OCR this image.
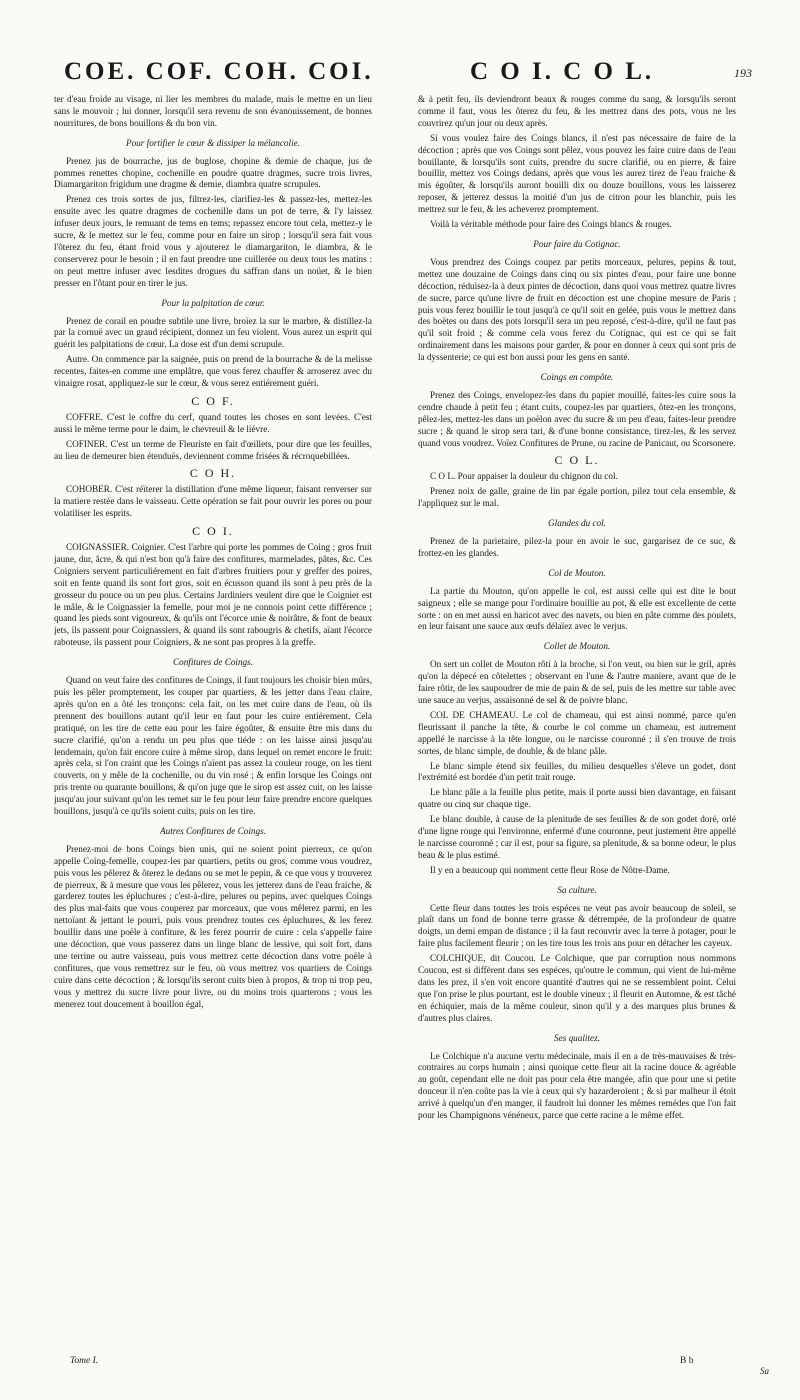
COE. COF. COH. COI.	C O I. C O L.	193

ter d'eau froide au visage, ni lier les membres du malade, mais le mettre en un lieu sans le mouvoir ; lui donner, lorsqu'il sera revenu de son évanouissement, de bonnes nourritures, de bons bouillons & du bon vin.

Pour fortifier le cœur & dissiper la mélancolie.

Prenez jus de bourrache, jus de buglose, chopine & demie de chaque, jus de pommes renettes chopine, cochenille en poudre quatre dragmes, sucre trois livres, Diamargariton frigidum une dragme & demie, diambra quatre scrupules.

Prenez ces trois sortes de jus, filtrez-les, clarifiez-les & passez-les, mettez-les ensuite avec les quatre dragmes de cochenille dans un pot de terre, & l'y laissez infuser deux jours, le remuant de tems en tems; repassez encore tout cela, mettez-y le sucre, & le mettez sur le feu, comme pour en faire un sirop ; lorsqu'il sera fait vous l'ôterez du feu, étant froid vous y ajouterez le diamargariton, le diambra, & le conserverez pour le besoin ; il en faut prendre une cuillerée ou deux tous les matins : on peut mettre infuser avec lesdites drogues du saffran dans un noüet, & le bien presser en l'ôtant pour en tirer le jus.

Pour la palpitation de cœur.

Prenez de corail en poudre subtile une livre, broïez la sur le marbre, & distillez-la par la cornuë avec un grand récipient, donnez un feu violent. Vous aurez un esprit qui guérit les palpitations de cœur. La dose est d'un demi scrupule.

Autre. On commence par la saignée, puis on prend de la bourrache & de la melisse recentes, faites-en comme une emplâtre, que vous ferez chauffer & arroserez avec du vinaigre rosat, appliquez-le sur le cœur, & vous serez entiérement guéri.

C O F.

COFFRE. C'est le coffre du cerf, quand toutes les choses en sont levées. C'est aussi le même terme pour le daim, le chevreuil & le liévre.

COFINER. C'est un terme de Fleuriste en fait d'œillets, pour dire que les feuilles, au lieu de demeurer bien étenduës, deviennent comme frisées & récroquebillées.

C O H.

COHOBER. C'est réïterer la distillation d'une même liqueur, faisant renverser sur la matiere restée dans le vaisseau. Cette opération se fait pour ouvrir les pores ou pour volatiliser les esprits.

C O I.

COIGNASSIER. Coignier. C'est l'arbre qui porte les pommes de Coing ; gros fruit jaune, dur, âcre, & qui n'est bon qu'à faire des confitures, marmelades, pâtes, &c. Ces Coigniers servent particuliérement en fait d'arbres fruitiers pour y greffer des poires, soit en fente quand ils sont fort gros, soit en écusson quand ils sont à peu près de la grosseur du pouce ou un peu plus. Certains Jardiniers veulent dire que le Coignier est le mâle, & le Coignassier la femelle, pour moi je ne connois point cette différence ; quand les pieds sont vigoureux, & qu'ils ont l'écorce unie & noirâtre, & font de beaux jets, ils passent pour Coignassiers, & quand ils sont rabougris & chetifs, aïant l'écorce raboteuse, ils passent pour Coigniers, & ne sont pas propres à la greffe.

Confitures de Coings.

Quand on veut faire des confitures de Coings, il faut toujours les choisir bien mûrs, puis les pêler promptement, les couper par quartiers, & les jetter dans l'eau claire, après qu'on en a ôté les tronçons: cela fait, on les met cuire dans de l'eau, où ils prennent des bouillons autant qu'il leur en faut pour les cuire entiérement. Cela pratiqué, on les tire de cette eau pour les faire égoûter, & ensuite être mis dans du sucre clarifié, qu'on a rendu un peu plus que tiéde : on les laisse ainsi jusqu'au lendemain, qu'on fait encore cuire à même sirop, dans lequel on remet encore le fruit: après cela, si l'on craint que les Coings n'aïent pas assez la couleur rouge, on les tient couverts, on y mêle de la cochenille, ou du vin rosé ; & enfin lorsque les Coings ont pris trente ou quarante bouillons, & qu'on juge que le sirop est assez cuit, on les laisse jusqu'au jour suivant qu'on les remet sur le feu pour leur faire prendre encore quelques bouillons, jusqu'à ce qu'ils soient cuits, puis on les tire.

Autres Confitures de Coings.

Prenez-moi de bons Coings bien unis, qui ne soient point pierreux, ce qu'on appelle Coing-femelle, coupez-les par quartiers, petits ou gros, comme vous voudrez, puis vous les pêlerez & ôterez le dedans ou se met le pepin, & ce que vous y trouverez de pierreux, & à mesure que vous les pêlerez, vous les jetterez dans de l'eau fraiche, & garderez toutes les épluchures ; c'est-à-dire, pelures ou pepins, avec quelques Coings des plus mal-faits que vous couperez par morceaux, que vous mêlerez parmi, en les nettoïant & jettant le pourri, puis vous prendrez toutes ces épluchures, & les ferez bouillir dans une poële à confiture, & les ferez pourrir de cuire : cela s'appelle faire une décoction, que vous passerez dans un linge blanc de lessive, qui soit fort, dans une terrine ou autre vaisseau, puis vous mettrez cette décoction dans votre poële à confitures, que vous remettrez sur le feu, où vous mettrez vos quartiers de Coings cuire dans cette décoction ; & lorsqu'ils seront cuits bien à propos, & trop ni trop peu, vous y mettrez du sucre livre pour livre, ou du moins trois quarterons ; vous les menerez tout doucement à bouillon égal,

& à petit feu, ils deviendront beaux & rouges comme du sang, & lorsqu'ils seront comme il faut, vous les ôterez du feu, & les mettrez dans des pots, vous ne les couvrirez qu'un jour ou deux après.

Si vous voulez faire des Coings blancs, il n'est pas nécessaire de faire de la décoction ; après que vos Coings sont pêlez, vous pouvez les faire cuire dans de l'eau bouillante, & lorsqu'ils sont cuits, prendre du sucre clarifié, ou en pierre, & faire bouillir, mettez vos Coings dedans, après que vous les aurez tirez de l'eau fraiche & mis égoûter, & lorsqu'ils auront bouilli dix ou douze bouillons, vous les laisserez reposer, & jetterez dessus la moitié d'un jus de citron pour les blanchir, puis les mettrez sur le feu, & les acheverez promptement.

Voilà la véritable méthode pour faire des Coings blancs & rouges.

Pour faire du Cotignac.

Vous prendrez des Coings coupez par petits morceaux, pelures, pepins & tout, mettez une douzaine de Coings dans cinq ou six pintes d'eau, pour faire une bonne décoction, réduisez-la à deux pintes de décoction, dans quoi vous mettrez quatre livres de sucre, parce qu'une livre de fruit en décoction est une chopine mesure de Paris ; puis vous ferez bouillir le tout jusqu'à ce qu'il soit en gelée, puis vous le mettrez dans des boëtes ou dans des pots lorsqu'il sera un peu reposé, c'est-à-dire, qu'il ne faut pas qu'il soit froid ; & comme cela vous ferez du Cotignac, qui est ce qui se fait ordinairement dans les maisons pour garder, & pour en donner à ceux qui sont pris de la dyssenterie; ce qui est bon aussi pour les gens en santé.

Coings en compôte.

Prenez des Coings, envelopez-les dans du papier mouillé, faites-les cuire sous la cendre chaude à petit feu ; étant cuits, coupez-les par quartiers, ôtez-en les tronçons, pêlez-les, mettez-les dans un poëlon avec du sucre & un peu d'eau, faites-leur prendre sucre ; & quand le sirop sera tari, & d'une bonne consistance, tirez-les, & les servez quand vous voudrez. Voïez Confitures de Prune, ou racine de Panicaut, ou Scorsonere.

C O L.

C O L. Pour appaiser la douleur du chignon du col.

Prenez noix de galle, graine de lin par égale portion, pilez tout cela ensemble, & l'appliquez sur le mal.

Glandes du col.

Prenez de la parietaire, pilez-la pour en avoir le suc, gargarisez de ce suc, & frottez-en les glandes.

Col de Mouton.

La partie du Mouton, qu'on appelle le col, est aussi celle qui est dite le bout saigneux ; elle se mange pour l'ordinaire bouillie au pot, & elle est excellente de cette sorte : on en met aussi en haricot avec des navets, ou bien en pâte comme des poulets, en leur faisant une sauce aux œufs délaïez avec le verjus.

Collet de Mouton.

On sert un collet de Mouton rôti à la broche, si l'on veut, ou bien sur le gril, après qu'on la dépecé en côtelettes ; observant en l'une & l'autre maniere, avant que de le faire rôtir, de les saupoudrer de mie de pain & de sel, puis de les mettre sur table avec une sauce au verjus, assaisonné de sel & de poivre blanc.

COL DE CHAMEAU. Le col de chameau, qui est ainsi nommé, parce qu'en fleurissant il panche la tête, & courbe le col comme un chameau, est autrement appellé le narcisse à la tête longue, ou le narcisse couronné ; il s'en trouve de trois sortes, de blanc simple, de double, & de blanc pâle.

Le blanc simple étend six feuilles, du milieu desquelles s'éleve un godet, dont l'extrémité est bordée d'un petit trait rouge.

Le blanc pâle a la feuille plus petite, mais il porte aussi bien davantage, en faisant quatre ou cinq sur chaque tige.

Le blanc double, à cause de la plenitude de ses feuilles & de son godet doré, orlé d'une ligne rouge qui l'environne, enfermé d'une couronne, peut justement être appellé le narcisse couronné ; car il est, pour sa figure, sa plenitude, & sa bonne odeur, le plus beau & le plus estimé.

Il y en a beaucoup qui nomment cette fleur Rose de Nôtre-Dame.

Sa culture.

Cette fleur dans toutes les trois espéces ne veut pas avoir beaucoup de soleil, se plaît dans un fond de bonne terre grasse & détrempée, de la profondeur de quatre doigts, un demi empan de distance ; il la faut recouvrir avec la terre à potager, pour le faire plus facilement fleurir ; on les tire tous les trois ans pour en détacher les cayeux.

COLCHIQUE, dit Coucou. Le Colchique, que par corruption nous nommons Coucou, est si différent dans ses espéces, qu'outre le commun, qui vient de lui-même dans les prez, il s'en voit encore quantité d'autres qui ne se ressemblent point. Celui que l'on prise le plus pourtant, est le double vineux ; il fleurit en Automne, & est tâché en échiquier, mais de la même couleur, sinon qu'il y a des marques plus brunes & d'autres plus claires.

Ses qualitez.

Le Colchique n'a aucune vertu médecinale, mais il en a de très-mauvaises & très-contraires au corps humain ; ainsi quoique cette fleur ait la racine douce & agréable au goût, cependant elle ne doit pas pour cela être mangée, afin que pour une si petite douceur il n'en coûte pas la vie à ceux qui s'y hazarderoient ; & si par malheur il étoit arrivé à quelqu'un d'en manger, il faudroit lui donner les mêmes remédes que l'on fait pour les Champignons vénéneux, parce que cette racine a le même effet.

Tome I.	B b
Sa
